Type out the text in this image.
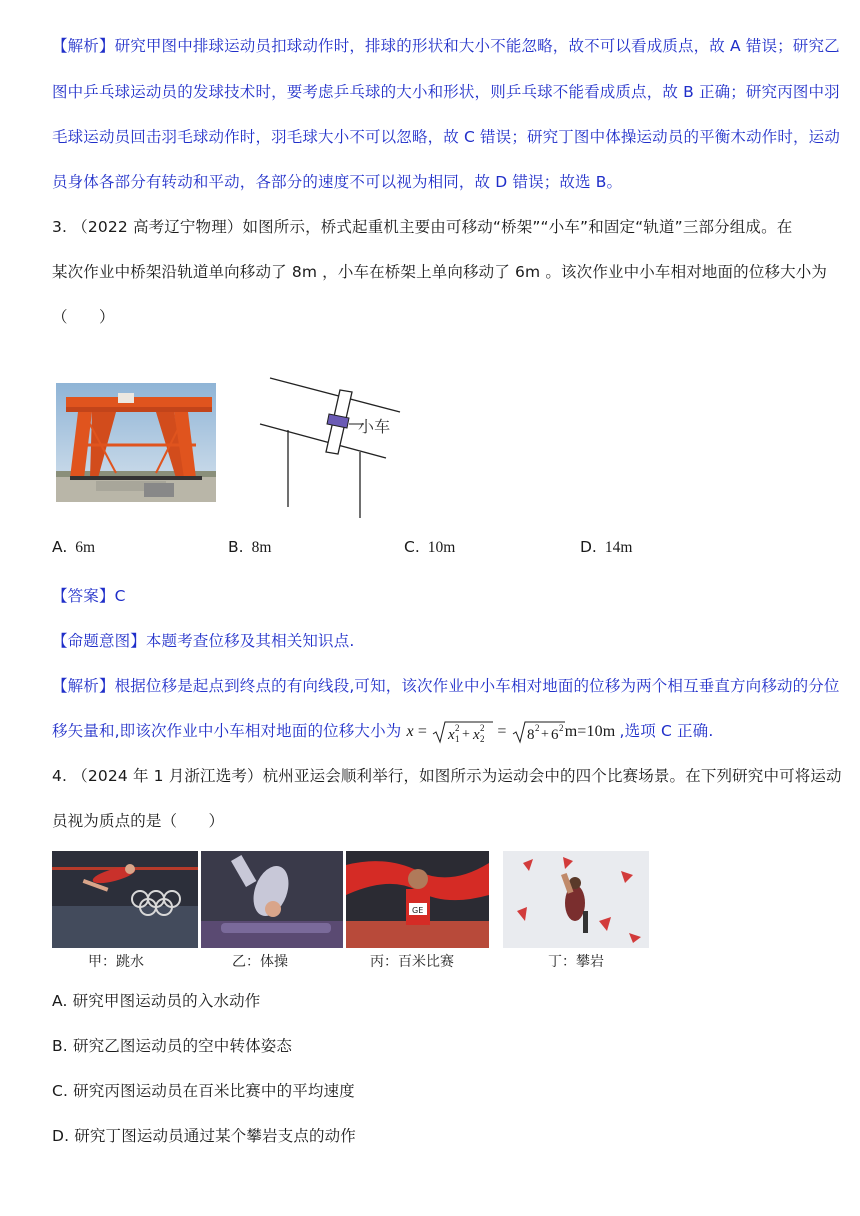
【解析】研究甲图中排球运动员扣球动作时，排球的形状和大小不能忽略，故不可以看成质点，故 A 错误；研究乙
图中乒乓球运动员的发球技术时，要考虑乒乓球的大小和形状，则乒乓球不能看成质点，故 B 正确；研究丙图中羽
毛球运动员回击羽毛球动作时，羽毛球大小不可以忽略，故 C 错误；研究丁图中体操运动员的平衡木动作时，运动
员身体各部分有转动和平动，各部分的速度不可以视为相同，故 D 错误；故选 B。
3. （2022 高考辽宁物理）如图所示，桥式起重机主要由可移动“桥架”“小车”和固定“轨道”三部分组成。在
某次作业中桥架沿轨道单向移动了 8m ，小车在桥架上单向移动了 6m 。该次作业中小车相对地面的位移大小为
（　　）
小车
A. 6m	B. 8m	C. 10m	D. 14m
【答案】C
【命题意图】本题考查位移及其相关知识点.
【解析】根据位移是起点到终点的有向线段,可知，该次作业中小车相对地面的位移为两个相互垂直方向移动的分位
移矢量和,即该次作业中小车相对地面的位移大小为 x = x 1
2 + x 2
2 = 8 2 + 6 2 m=10m ,选项 C 正确.
4. （2024 年 1 月浙江选考）杭州亚运会顺利举行，如图所示为运动会中的四个比赛场景。在下列研究中可将运动
员视为质点的是（　　）
甲：跳水	乙：体操
GE
丙：百米比赛	丁：攀岩
A. 研究甲图运动员的入水动作
B. 研究乙图运动员的空中转体姿态
C. 研究丙图运动员在百米比赛中的平均速度
D. 研究丁图运动员通过某个攀岩支点的动作
